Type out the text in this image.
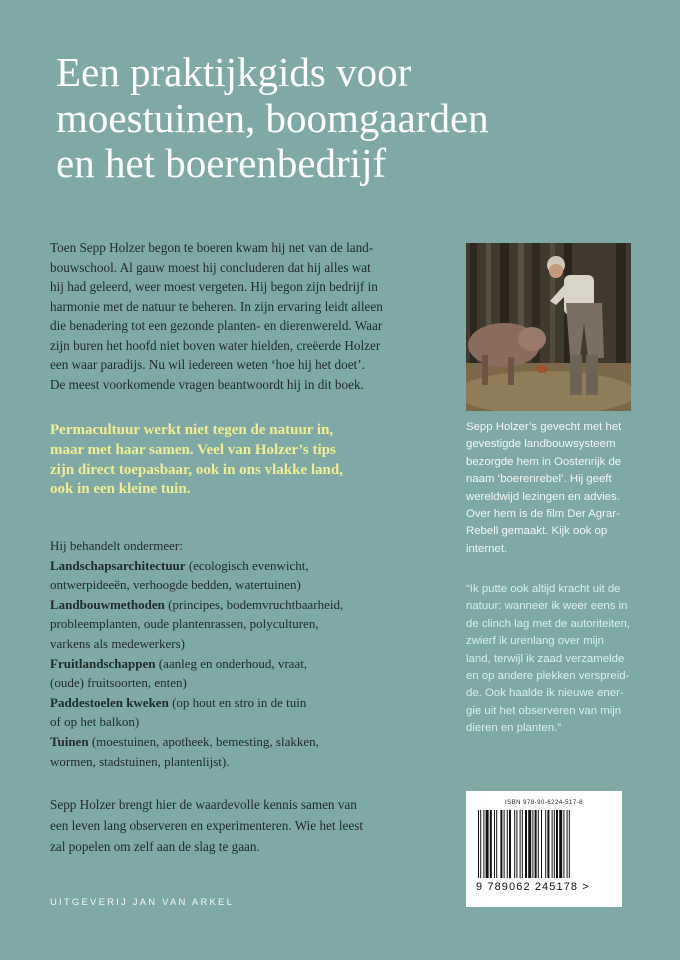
Een praktijkgids voor
moestuinen, boomgaarden
en het boerenbedrijf
Toen Sepp Holzer begon te boeren kwam hij net van de land-
bouwschool. Al gauw moest hij concluderen dat hij alles wat
hij had geleerd, weer moest vergeten. Hij begon zijn bedrijf in
harmonie met de natuur te beheren. In zijn ervaring leidt alleen
die benadering tot een gezonde planten- en dierenwereld. Waar
zijn buren het hoofd niet boven water hielden, creëerde Holzer
een waar paradijs. Nu wil iedereen weten ‘hoe hij het doet’.
De meest voorkomende vragen beantwoordt hij in dit boek.
Permacultuur werkt niet tegen de natuur in,
maar met haar samen. Veel van Holzer’s tips
zijn direct toepasbaar, ook in ons vlakke land,
ook in een kleine tuin.
Hij behandelt ondermeer:
Landschapsarchitectuur (ecologisch evenwicht,
ontwerpideeën, verhoogde bedden, watertuinen)
Landbouwmethoden (principes, bodemvruchtbaarheid,
probleemplanten, oude plantenrassen, polyculturen,
varkens als medewerkers)
Fruitlandschappen (aanleg en onderhoud, vraat,
(oude) fruitsoorten, enten)
Paddestoelen kweken (op hout en stro in de tuin
of op het balkon)
Tuinen (moestuinen, apotheek, bemesting, slakken,
wormen, stadstuinen, plantenlijst).
Sepp Holzer brengt hier de waardevolle kennis samen van
een leven lang observeren en experimenteren. Wie het leest
zal popelen om zelf aan de slag te gaan.
UITGEVERIJ JAN VAN ARKEL
Sepp Holzer’s gevecht met het
gevestigde landbouwsysteem
bezorgde hem in Oostenrijk de
naam ‘boerenrebel’. Hij geeft
wereldwijd lezingen en advies.
Over hem is de film Der Agrar-
Rebell gemaakt. Kijk ook op
internet.
“Ik putte ook altijd kracht uit de
natuur: wanneer ik weer eens in
de clinch lag met de autoriteiten,
zwierf ik urenlang over mijn
land, terwijl ik zaad verzamelde
en op andere plekken verspreid-
de. Ook haalde ik nieuwe ener-
gie uit het observeren van mijn
dieren en planten.”
ISBN 978-90-6224-517-8
9 789062 245178 >
